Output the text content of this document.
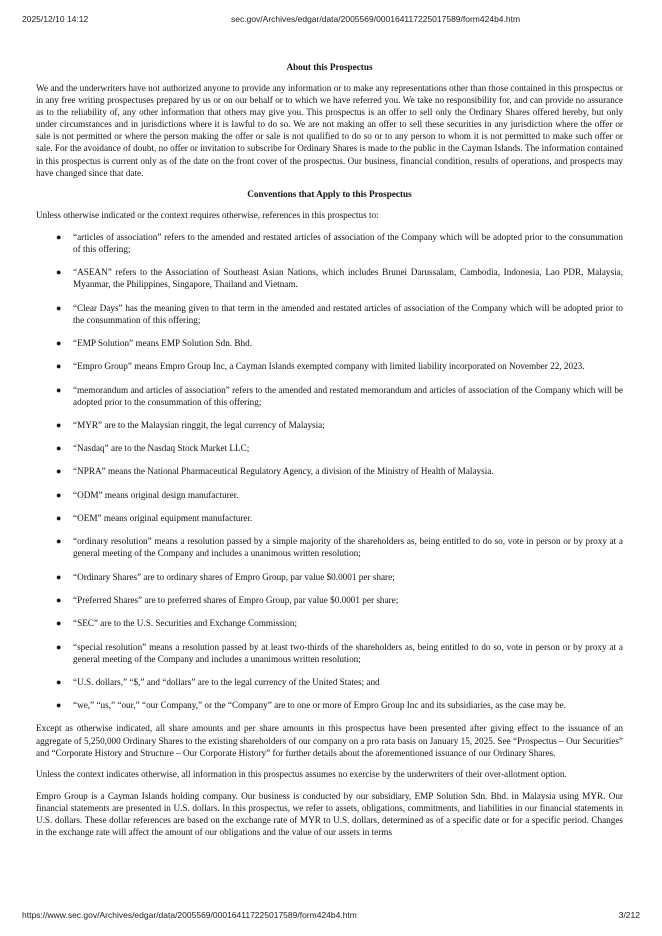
2025/12/10 14:12	sec.gov/Archives/edgar/data/2005569/000164117225017589/form424b4.htm
About this Prospectus

We and the underwriters have not authorized anyone to provide any information or to make any representations other than those contained in this prospectus or in any free writing prospectuses prepared by us or on our behalf or to which we have referred you. We take no responsibility for, and can provide no assurance as to the reliability of, any other information that others may give you. This prospectus is an offer to sell only the Ordinary Shares offered hereby, but only under circumstances and in jurisdictions where it is lawful to do so. We are not making an offer to sell these securities in any jurisdiction where the offer or sale is not permitted or where the person making the offer or sale is not qualified to do so or to any person to whom it is not permitted to make such offer or sale. For the avoidance of doubt, no offer or invitation to subscribe for Ordinary Shares is made to the public in the Cayman Islands. The information contained in this prospectus is current only as of the date on the front cover of the prospectus. Our business, financial condition, results of operations, and prospects may have changed since that date.

Conventions that Apply to this Prospectus

Unless otherwise indicated or the context requires otherwise, references in this prospectus to:

● “articles of association” refers to the amended and restated articles of association of the Company which will be adopted prior to the consummation of this offering;
● “ASEAN” refers to the Association of Southeast Asian Nations, which includes Brunei Darussalam, Cambodia, Indonesia, Lao PDR, Malaysia, Myanmar, the Philippines, Singapore, Thailand and Vietnam.
● “Clear Days” has the meaning given to that term in the amended and restated articles of association of the Company which will be adopted prior to the consummation of this offering;
● “EMP Solution” means EMP Solution Sdn. Bhd.
● “Empro Group” means Empro Group Inc, a Cayman Islands exempted company with limited liability incorporated on November 22, 2023.
● “memorandum and articles of association” refers to the amended and restated memorandum and articles of association of the Company which will be adopted prior to the consummation of this offering;
● “MYR” are to the Malaysian ringgit, the legal currency of Malaysia;
● “Nasdaq” are to the Nasdaq Stock Market LLC;
● “NPRA” means the National Pharmaceutical Regulatory Agency, a division of the Ministry of Health of Malaysia.
● “ODM” means original design manufacturer.
● “OEM” means original equipment manufacturer.
● “ordinary resolution” means a resolution passed by a simple majority of the shareholders as, being entitled to do so, vote in person or by proxy at a general meeting of the Company and includes a unanimous written resolution;
● “Ordinary Shares” are to ordinary shares of Empro Group, par value $0.0001 per share;
● “Preferred Shares” are to preferred shares of Empro Group, par value $0.0001 per share;
● “SEC” are to the U.S. Securities and Exchange Commission;
● “special resolution” means a resolution passed by at least two-thirds of the shareholders as, being entitled to do so, vote in person or by proxy at a general meeting of the Company and includes a unanimous written resolution;
● “U.S. dollars,” “$,” and “dollars” are to the legal currency of the United States; and
● “we,” “us,” “our,” “our Company,” or the “Company” are to one or more of Empro Group Inc and its subsidiaries, as the case may be.

Except as otherwise indicated, all share amounts and per share amounts in this prospectus have been presented after giving effect to the issuance of an aggregate of 5,250,000 Ordinary Shares to the existing shareholders of our company on a pro rata basis on January 15, 2025. See “Prospectus – Our Securities” and “Corporate History and Structure – Our Corporate History” for further details about the aforementioned issuance of our Ordinary Shares.

Unless the context indicates otherwise, all information in this prospectus assumes no exercise by the underwriters of their over-allotment option.

Empro Group is a Cayman Islands holding company. Our business is conducted by our subsidiary, EMP Solution Sdn. Bhd. in Malaysia using MYR. Our financial statements are presented in U.S. dollars. In this prospectus, we refer to assets, obligations, commitments, and liabilities in our financial statements in U.S. dollars. These dollar references are based on the exchange rate of MYR to U.S. dollars, determined as of a specific date or for a specific period. Changes in the exchange rate will affect the amount of our obligations and the value of our assets in terms

https://www.sec.gov/Archives/edgar/data/2005569/000164117225017589/form424b4.htm	3/212
